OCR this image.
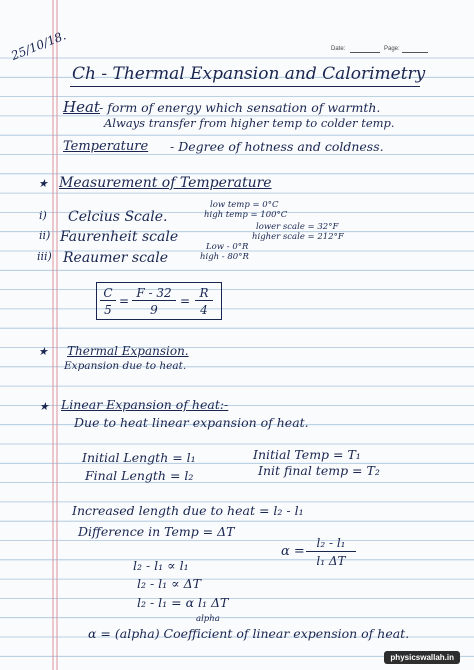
25/10/18.	Date:	Page:
Ch - Thermal Expansion and Calorimetry
Heat - form of energy which sensation of warmth.
Always transfer from higher temp to colder temp.
Temperature - Degree of hotness and coldness.
★ Measurement of Temperature
i) Celcius Scale.
low temp = 0°C
high temp = 100°C
ii) Faurenheit scale
lower scale = 32°F
higher scale = 212°F
iii) Reaumer scale
Low - 0°R
high - 80°R
C
5
=
F - 32
9
=
R
4
★ Thermal Expansion.
Expansion due to heat.
★ Linear Expansion of heat:-
Due to heat linear expansion of heat.
Initial Length = l₁	Initial Temp = T₁
Final Length = l₂	Init final temp = T₂
Increased length due to heat = l₂ - l₁
Difference in Temp = ΔT
l₂ - l₁ ∝ l₁
l₂ - l₁ ∝ ΔT
l₂ - l₁ = α l₁ ΔT
alpha
α =
l₂ - l₁
l₁ ΔT
α = (alpha) Coefficient of linear expension of heat.
physicswallah.in
